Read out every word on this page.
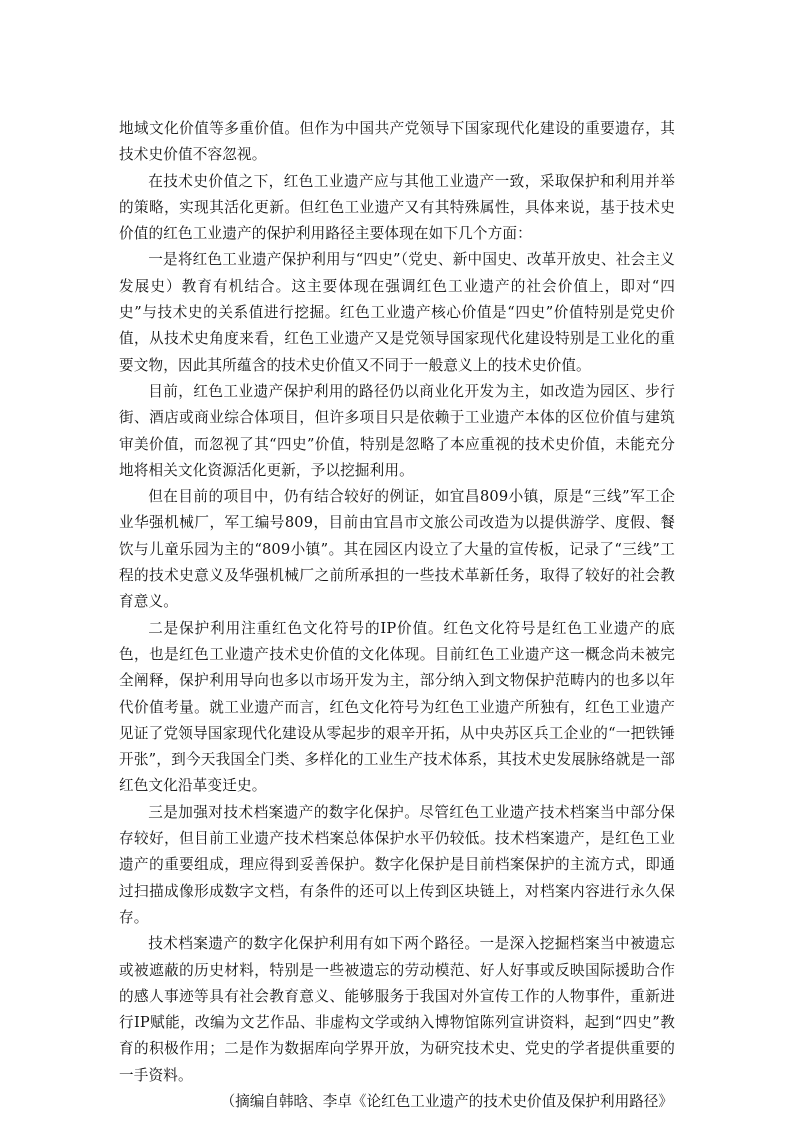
地域文化价值等多重价值。但作为中国共产党领导下国家现代化建设的重要遗存，其技术史价值不容忽视。

在技术史价值之下，红色工业遗产应与其他工业遗产一致，采取保护和利用并举的策略，实现其活化更新。但红色工业遗产又有其特殊属性，具体来说，基于技术史价值的红色工业遗产的保护利用路径主要体现在如下几个方面：

一是将红色工业遗产保护利用与“四史”（党史、新中国史、改革开放史、社会主义发展史）教育有机结合。这主要体现在强调红色工业遗产的社会价值上，即对“四史”与技术史的关系值进行挖掘。红色工业遗产核心价值是“四史”价值特别是党史价值，从技术史角度来看，红色工业遗产又是党领导国家现代化建设特别是工业化的重要文物，因此其所蕴含的技术史价值又不同于一般意义上的技术史价值。

目前，红色工业遗产保护利用的路径仍以商业化开发为主，如改造为园区、步行街、酒店或商业综合体项目，但许多项目只是依赖于工业遗产本体的区位价值与建筑审美价值，而忽视了其“四史”价值，特别是忽略了本应重视的技术史价值，未能充分地将相关文化资源活化更新，予以挖掘利用。

但在目前的项目中，仍有结合较好的例证，如宜昌809小镇，原是“三线”军工企业华强机械厂，军工编号809，目前由宜昌市文旅公司改造为以提供游学、度假、餐饮与儿童乐园为主的“809小镇”。其在园区内设立了大量的宣传板，记录了“三线”工程的技术史意义及华强机械厂之前所承担的一些技术革新任务，取得了较好的社会教育意义。

二是保护利用注重红色文化符号的IP价值。红色文化符号是红色工业遗产的底色，也是红色工业遗产技术史价值的文化体现。目前红色工业遗产这一概念尚未被完全阐释，保护利用导向也多以市场开发为主，部分纳入到文物保护范畴内的也多以年代价值考量。就工业遗产而言，红色文化符号为红色工业遗产所独有，红色工业遗产见证了党领导国家现代化建设从零起步的艰辛开拓，从中央苏区兵工企业的“一把铁锤开张”，到今天我国全门类、多样化的工业生产技术体系，其技术史发展脉络就是一部红色文化沿革变迁史。

三是加强对技术档案遗产的数字化保护。尽管红色工业遗产技术档案当中部分保存较好，但目前工业遗产技术档案总体保护水平仍较低。技术档案遗产，是红色工业遗产的重要组成，理应得到妥善保护。数字化保护是目前档案保护的主流方式，即通过扫描成像形成数字文档，有条件的还可以上传到区块链上，对档案内容进行永久保存。

技术档案遗产的数字化保护利用有如下两个路径。一是深入挖掘档案当中被遗忘或被遮蔽的历史材料，特别是一些被遗忘的劳动模范、好人好事或反映国际援助合作的感人事迹等具有社会教育意义、能够服务于我国对外宣传工作的人物事件，重新进行IP赋能，改编为文艺作品、非虚构文学或纳入博物馆陈列宣讲资料，起到“四史”教育的积极作用；二是作为数据库向学界开放，为研究技术史、党史的学者提供重要的一手资料。

（摘编自韩晗、李卓《论红色工业遗产的技术史价值及保护利用路径》
